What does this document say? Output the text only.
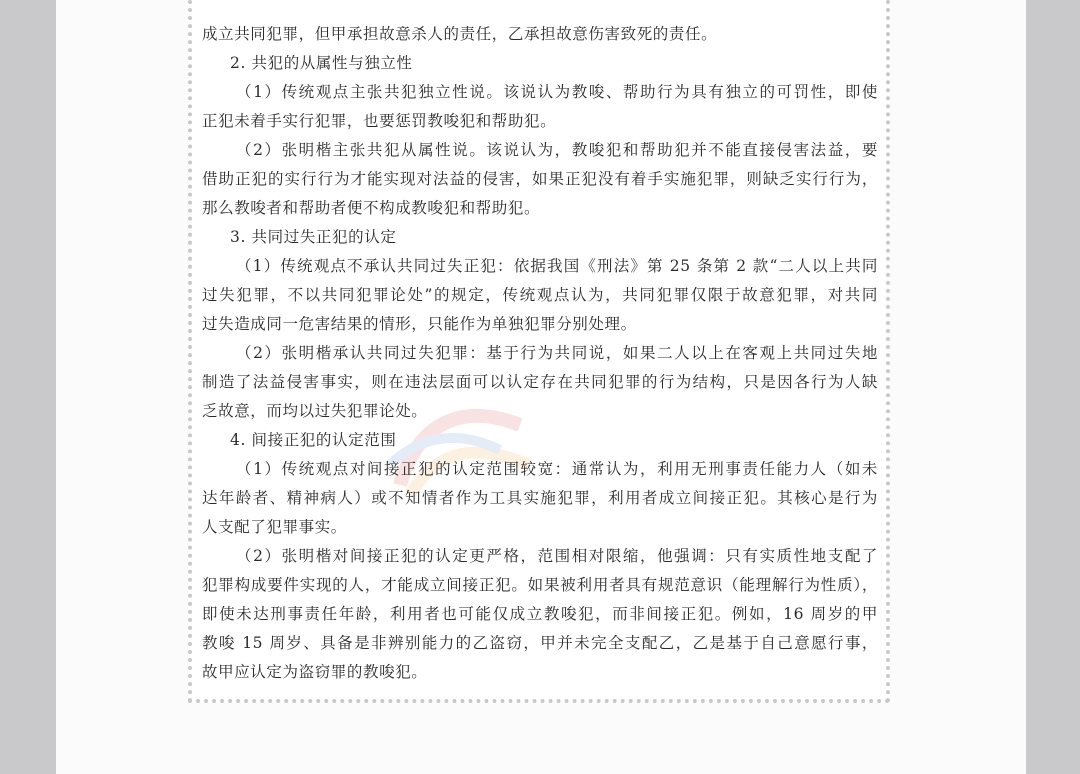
成立共同犯罪，但甲承担故意杀人的责任，乙承担故意伤害致死的责任。
2. 共犯的从属性与独立性
（1）传统观点主张共犯独立性说。该说认为教唆、帮助行为具有独立的可罚性，即使
正犯未着手实行犯罪，也要惩罚教唆犯和帮助犯。
（2）张明楷主张共犯从属性说。该说认为，教唆犯和帮助犯并不能直接侵害法益，要
借助正犯的实行行为才能实现对法益的侵害，如果正犯没有着手实施犯罪，则缺乏实行行为，
那么教唆者和帮助者便不构成教唆犯和帮助犯。
3. 共同过失正犯的认定
（1）传统观点不承认共同过失正犯：依据我国《刑法》第 25 条第 2 款“二人以上共同
过失犯罪，不以共同犯罪论处”的规定，传统观点认为，共同犯罪仅限于故意犯罪，对共同
过失造成同一危害结果的情形，只能作为单独犯罪分别处理。
（2）张明楷承认共同过失犯罪：基于行为共同说，如果二人以上在客观上共同过失地
制造了法益侵害事实，则在违法层面可以认定存在共同犯罪的行为结构，只是因各行为人缺
乏故意，而均以过失犯罪论处。
4. 间接正犯的认定范围
（1）传统观点对间接正犯的认定范围较宽：通常认为，利用无刑事责任能力人（如未
达年龄者、精神病人）或不知情者作为工具实施犯罪，利用者成立间接正犯。其核心是行为
人支配了犯罪事实。
（2）张明楷对间接正犯的认定更严格，范围相对限缩，他强调：只有实质性地支配了
犯罪构成要件实现的人，才能成立间接正犯。如果被利用者具有规范意识（能理解行为性质），
即使未达刑事责任年龄，利用者也可能仅成立教唆犯，而非间接正犯。例如，16 周岁的甲
教唆 15 周岁、具备是非辨别能力的乙盗窃，甲并未完全支配乙，乙是基于自己意愿行事，
故甲应认定为盗窃罪的教唆犯。
